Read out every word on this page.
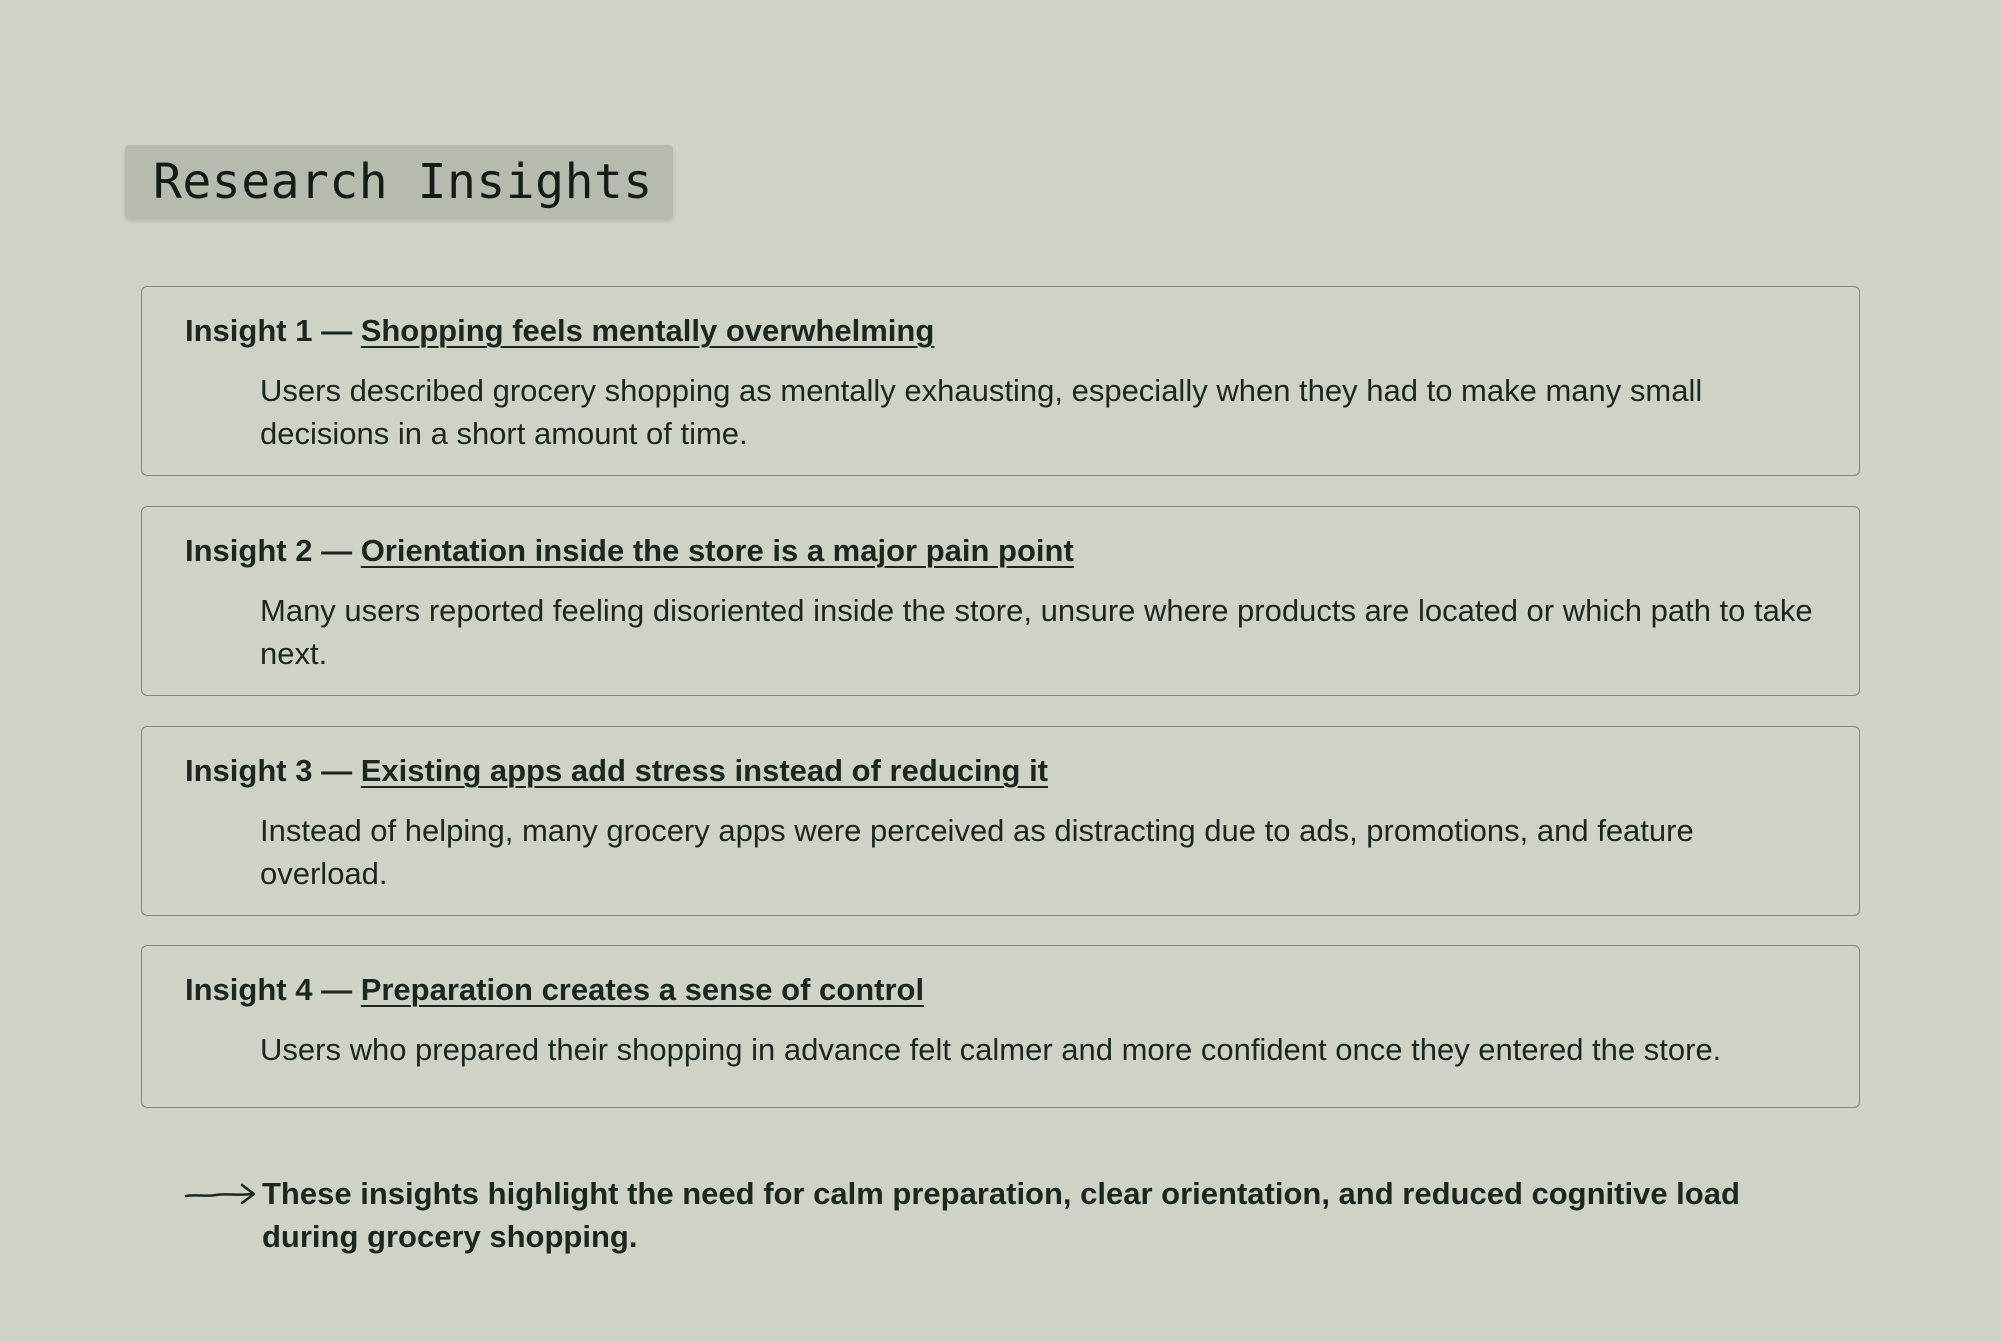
Research Insights
Insight 1 — Shopping feels mentally overwhelming
Users described grocery shopping as mentally exhausting, especially when they had to make many small decisions in a short amount of time.
Insight 2 — Orientation inside the store is a major pain point
Many users reported feeling disoriented inside the store, unsure where products are located or which path to take next.
Insight 3 — Existing apps add stress instead of reducing it
Instead of helping, many grocery apps were perceived as distracting due to ads, promotions, and feature overload.
Insight 4 — Preparation creates a sense of control
Users who prepared their shopping in advance felt calmer and more confident once they entered the store.
These insights highlight the need for calm preparation, clear orientation, and reduced cognitive load during grocery shopping.
